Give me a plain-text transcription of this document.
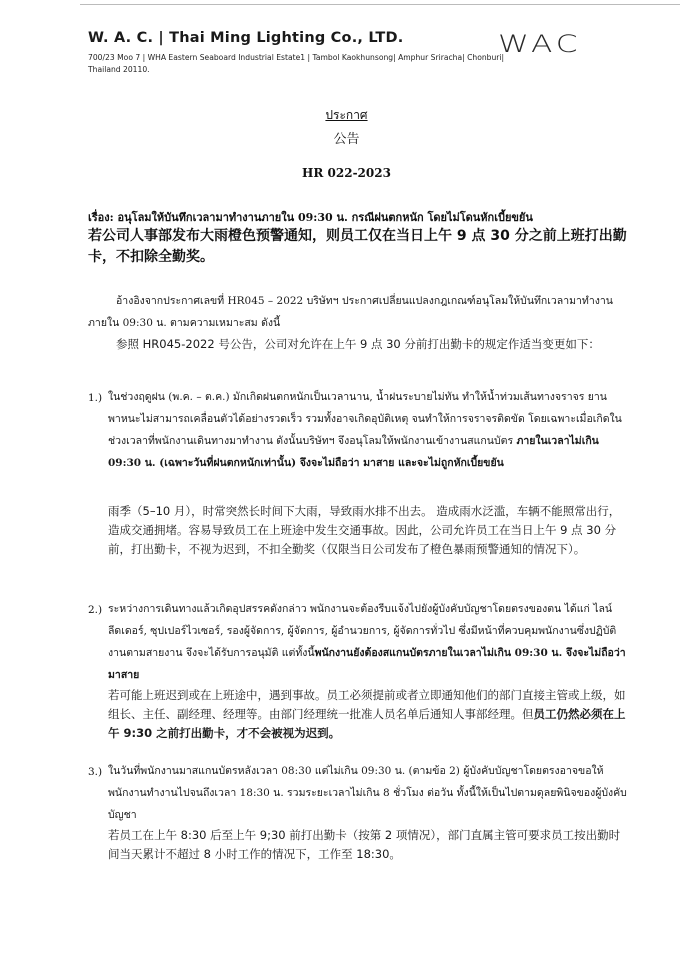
W. A. C. | Thai Ming Lighting Co., LTD.
700/23 Moo 7 | WHA Eastern Seaboard Industrial Estate1 | Tambol Kaokhunsong| Amphur Sriracha| Chonburi| Thailand 20110.
WAC
ประกาศ
公告
HR 022-2023
เรื่อง: อนุโลมให้บันทึกเวลามาทำงานภายใน 09:30 น. กรณีฝนตกหนัก โดยไม่โดนหักเบี้ยขยัน
若公司人事部发布大雨橙色预警通知，则员工仅在当日上午 9 点 30 分之前上班打出勤卡，不扣除全勤奖。
อ้างอิงจากประกาศเลขที่ HR045 – 2022 บริษัทฯ ประกาศเปลี่ยนแปลงกฎเกณฑ์อนุโลมให้บันทึกเวลามาทำงานภายใน 09:30 น. ตามความเหมาะสม ดังนี้
参照 HR045-2022 号公告，公司对允许在上午 9 点 30 分前打出勤卡的规定作适当变更如下：
1.) ในช่วงฤดูฝน (พ.ค. – ต.ค.) มักเกิดฝนตกหนักเป็นเวลานาน, น้ำฝนระบายไม่ทัน ทำให้น้ำท่วมเส้นทางจราจร ยานพาหนะไม่สามารถเคลื่อนตัวได้อย่างรวดเร็ว รวมทั้งอาจเกิดอุบัติเหตุ จนทำให้การจราจรติดขัด โดยเฉพาะเมื่อเกิดในช่วงเวลาที่พนักงานเดินทางมาทำงาน ดังนั้นบริษัทฯ จึงอนุโลมให้พนักงานเข้างานสแกนบัตร ภายในเวลาไม่เกิน 09:30 น. (เฉพาะวันที่ฝนตกหนักเท่านั้น) จึงจะไม่ถือว่า มาสาย และจะไม่ถูกหักเบี้ยขยัน
雨季（5–10 月），时常突然长时间下大雨，导致雨水排不出去。 造成雨水泛滥，车辆不能照常出行，造成交通拥堵。容易导致员工在上班途中发生交通事故。因此，公司允许员工在当日上午 9 点 30 分前，打出勤卡，不视为迟到，不扣全勤奖（仅限当日公司发布了橙色暴雨预警通知的情况下）。
2.) ระหว่างการเดินทางแล้วเกิดอุปสรรคดังกล่าว พนักงานจะต้องรีบแจ้งไปยังผู้บังคับบัญชาโดยตรงของตน ได้แก่ ไลน์ลีดเดอร์, ซุปเปอร์ไวเซอร์, รองผู้จัดการ, ผู้จัดการ, ผู้อำนวยการ, ผู้จัดการทั่วไป ซึ่งมีหน้าที่ควบคุมพนักงานซึ่งปฏิบัติงานตามสายงาน จึงจะได้รับการอนุมัติ แต่ทั้งนี้พนักงานยังต้องสแกนบัตรภายในเวลาไม่เกิน 09:30 น. จึงจะไม่ถือว่า มาสาย
若可能上班迟到或在上班途中，遇到事故。员工必须提前或者立即通知他们的部门直接主管或上级，如组长、主任、副经理、经理等。由部门经理统一批准人员名单后通知人事部经理。但员工仍然必须在上午 9:30 之前打出勤卡，才不会被视为迟到。
3.) ในวันที่พนักงานมาสแกนบัตรหลังเวลา 08:30 แต่ไม่เกิน 09:30 น. (ตามข้อ 2) ผู้บังคับบัญชาโดยตรงอาจขอให้พนักงานทำงานไปจนถึงเวลา 18:30 น. รวมระยะเวลาไม่เกิน 8 ชั่วโมง ต่อวัน ทั้งนี้ให้เป็นไปตามดุลยพินิจของผู้บังคับบัญชา
若员工在上午 8:30 后至上午 9;30 前打出勤卡（按第 2 项情况），部门直属主管可要求员工按出勤时间当天累计不超过 8 小时工作的情况下，工作至 18:30。
